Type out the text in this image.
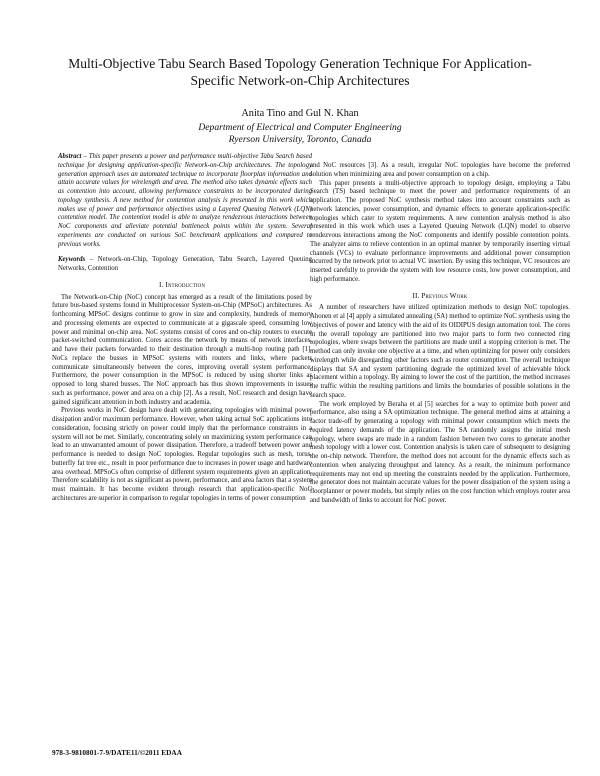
Multi-Objective Tabu Search Based Topology Generation Technique For Application-Specific Network-on-Chip Architectures
Anita Tino and Gul N. Khan
Department of Electrical and Computer Engineering
Ryerson University, Toronto, Canada

Abstract – This paper presents a power and performance multi-objective Tabu Search based technique for designing application-specific Network-on-Chip architectures. The topology generation approach uses an automated technique to incorporate floorplan information and attain accurate values for wirelength and area. The method also takes dynamic effects such as contention into account, allowing performance constraints to be incorporated during topology synthesis. A new method for contention analysis is presented in this work which makes use of power and performance objectives using a Layered Queuing Network (LQN) contention model. The contention model is able to analyze rendezvous interactions between NoC components and alleviate potential bottleneck points within the system. Several experiments are conducted on various SoC benchmark applications and compared to previous works.

Keywords – Network-on-Chip, Topology Generation, Tabu Search, Layered Queuing Networks, Contention

I. Introduction

The Network-on-Chip (NoC) concept has emerged as a result of the limitations posed by future bus-based systems found in Multiprocessor System-on-Chip (MPSoC) architectures. As forthcoming MPSoC designs continue to grow in size and complexity, hundreds of memory and processing elements are expected to communicate at a gigascale speed, consuming low power and minimal on-chip area. NoC systems consist of cores and on-chip routers to execute packet-switched communication. Cores access the network by means of network interfaces, and have their packets forwarded to their destination through a multi-hop routing path [1]. NoCs replace the busses in MPSoC systems with routers and links, where packets communicate simultaneously between the cores, improving overall system performance. Furthermore, the power consumption in the MPSoC is reduced by using shorter links as opposed to long shared busses. The NoC approach has thus shown improvements in issues such as performance, power and area on a chip [2]. As a result, NoC research and design have gained significant attention in both industry and academia.

Previous works in NoC design have dealt with generating topologies with minimal power dissipation and/or maximum performance. However, when taking actual SoC applications into consideration, focusing strictly on power could imply that the performance constraints in a system will not be met. Similarly, concentrating solely on maximizing system performance can lead to an unwarranted amount of power dissipation. Therefore, a tradeoff between power and performance is needed to design NoC topologies. Regular topologies such as mesh, torus, butterfly fat tree etc., result in poor performance due to increases in power usage and hardware area overhead. MPSoCs often comprise of different system requirements given an application. Therefore scalability is not as significant as power, performance, and area factors that a system must maintain. It has become evident through research that application-specific NoC architectures are superior in comparison to regular topologies in terms of power consumption

and NoC resources [3]. As a result, irregular NoC topologies have become the preferred solution when minimizing area and power consumption on a chip.

This paper presents a multi-objective approach to topology design, employing a Tabu Search (TS) based technique to meet the power and performance requirements of an application. The proposed NoC synthesis method takes into account constraints such as network latencies, power consumption, and dynamic effects to generate application-specific topologies which cater to system requirements. A new contention analysis method is also presented in this work which uses a Layered Queuing Network (LQN) model to observe rendezvous interactions among the NoC components and identify possible contention points. The analyzer aims to relieve contention in an optimal manner by temporarily inserting virtual channels (VCs) to evaluate performance improvements and additional power consumption incurred by the network prior to actual VC insertion. By using this technique, VC resources are inserted carefully to provide the system with low resource costs, low power consumption, and high performance.

II. Previous Work

A number of researchers have utilized optimization methods to design NoC topologies. Ahonen et al [4] apply a simulated annealing (SA) method to optimize NoC synthesis using the objectives of power and latency with the aid of its OIDIPUS design automation tool. The cores in the overall topology are partitioned into two major parts to form two connected ring topologies, where swaps between the partitions are made until a stopping criterion is met. The method can only invoke one objective at a time, and when optimizing for power only considers wirelength while disregarding other factors such as router consumption. The overall technique displays that SA and system partitioning degrade the optimized level of achievable block placement within a topology. By aiming to lower the cost of the partition, the method increases the traffic within the resulting partitions and limits the boundaries of possible solutions in the search space.

The work employed by Beraha et al [5] searches for a way to optimize both power and performance, also using a SA optimization technique. The general method aims at attaining a factor trade-off by generating a topology with minimal power consumption which meets the required latency demands of the application. The SA randomly assigns the initial mesh topology, where swaps are made in a random fashion between two cores to generate another mesh topology with a lower cost. Contention analysis is taken care of subsequent to designing the on-chip network. Therefore, the method does not account for the dynamic effects such as contention when analyzing throughput and latency. As a result, the minimum performance requirements may not end up meeting the constraints needed by the application. Furthermore, the generator does not maintain accurate values for the power dissipation of the system using a floorplanner or power models, but simply relies on the cost function which employs router area and bandwidth of links to account for NoC power.

978-3-9810801-7-9/DATE11/©2011 EDAA
